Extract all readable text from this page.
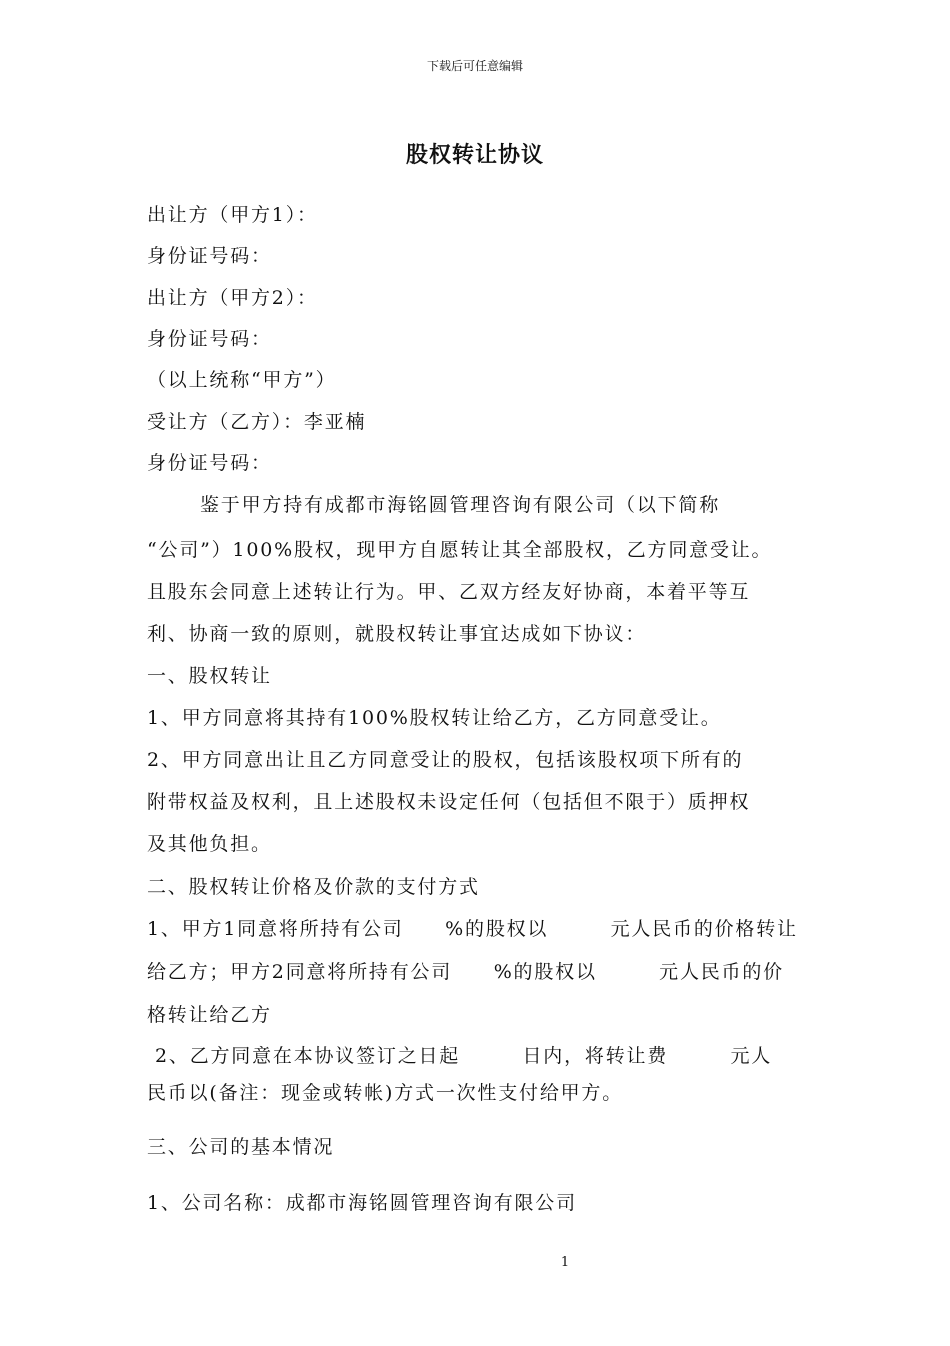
下载后可任意编辑
股权转让协议
出让方（甲方1）：
身份证号码：
出让方（甲方2）：
身份证号码：
（以上统称“甲方”）
受让方（乙方）：李亚楠
身份证号码：
鉴于甲方持有成都市海铭圆管理咨询有限公司（以下简称
“公司”）100%股权，现甲方自愿转让其全部股权，乙方同意受让。
且股东会同意上述转让行为。甲、乙双方经友好协商，本着平等互
利、协商一致的原则，就股权转让事宜达成如下协议：
一、股权转让
1、甲方同意将其持有100%股权转让给乙方，乙方同意受让。
2、甲方同意出让且乙方同意受让的股权，包括该股权项下所有的
附带权益及权利，且上述股权未设定任何（包括但不限于）质押权
及其他负担。
二、股权转让价格及价款的支付方式
1、甲方1同意将所持有公司　　%的股权以　　　元人民币的价格转让
给乙方；甲方2同意将所持有公司　　%的股权以　　　元人民币的价
格转让给乙方
2、乙方同意在本协议签订之日起　　　日内，将转让费　　　元人
民币以(备注：现金或转帐)方式一次性支付给甲方。
三、公司的基本情况
1、公司名称：成都市海铭圆管理咨询有限公司
1
